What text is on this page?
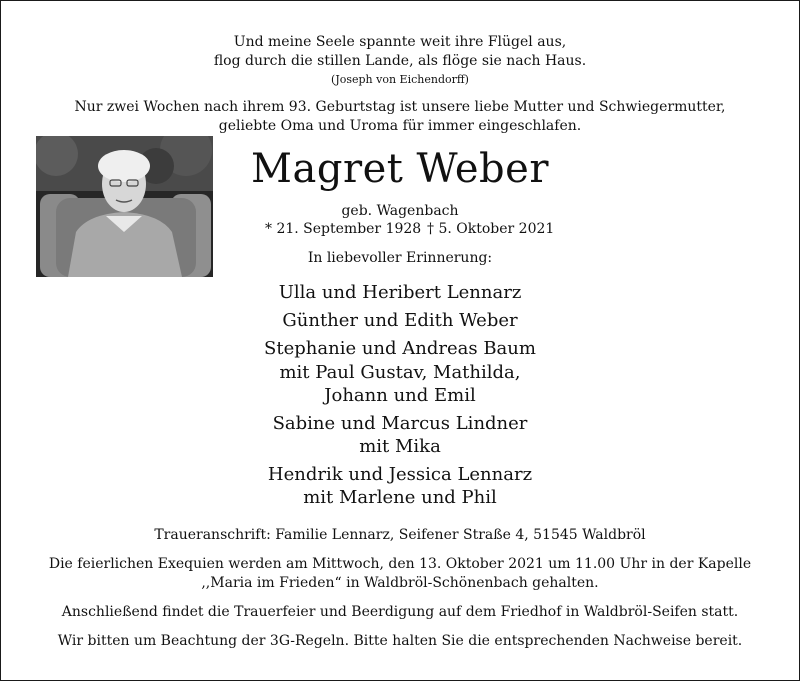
Und meine Seele spannte weit ihre Flügel aus,
flog durch die stillen Lande, als flöge sie nach Haus.
(Joseph von Eichendorff)
Nur zwei Wochen nach ihrem 93. Geburtstag ist unsere liebe Mutter und Schwiegermutter,
geliebte Oma und Uroma für immer eingeschlafen.
Magret Weber
geb. Wagenbach
* 21. September 1928 † 5. Oktober 2021
In liebevoller Erinnerung:
Ulla und Heribert Lennarz
Günther und Edith Weber
Stephanie und Andreas Baum
mit Paul Gustav, Mathilda,
Johann und Emil
Sabine und Marcus Lindner
mit Mika
Hendrik und Jessica Lennarz
mit Marlene und Phil
Traueranschrift: Familie Lennarz, Seifener Straße 4, 51545 Waldbröl
Die feierlichen Exequien werden am Mittwoch, den 13. Oktober 2021 um 11.00 Uhr in der Kapelle
,,Maria im Frieden“ in Waldbröl-Schönenbach gehalten.
Anschließend findet die Trauerfeier und Beerdigung auf dem Friedhof in Waldbröl-Seifen statt.
Wir bitten um Beachtung der 3G-Regeln. Bitte halten Sie die entsprechenden Nachweise bereit.
